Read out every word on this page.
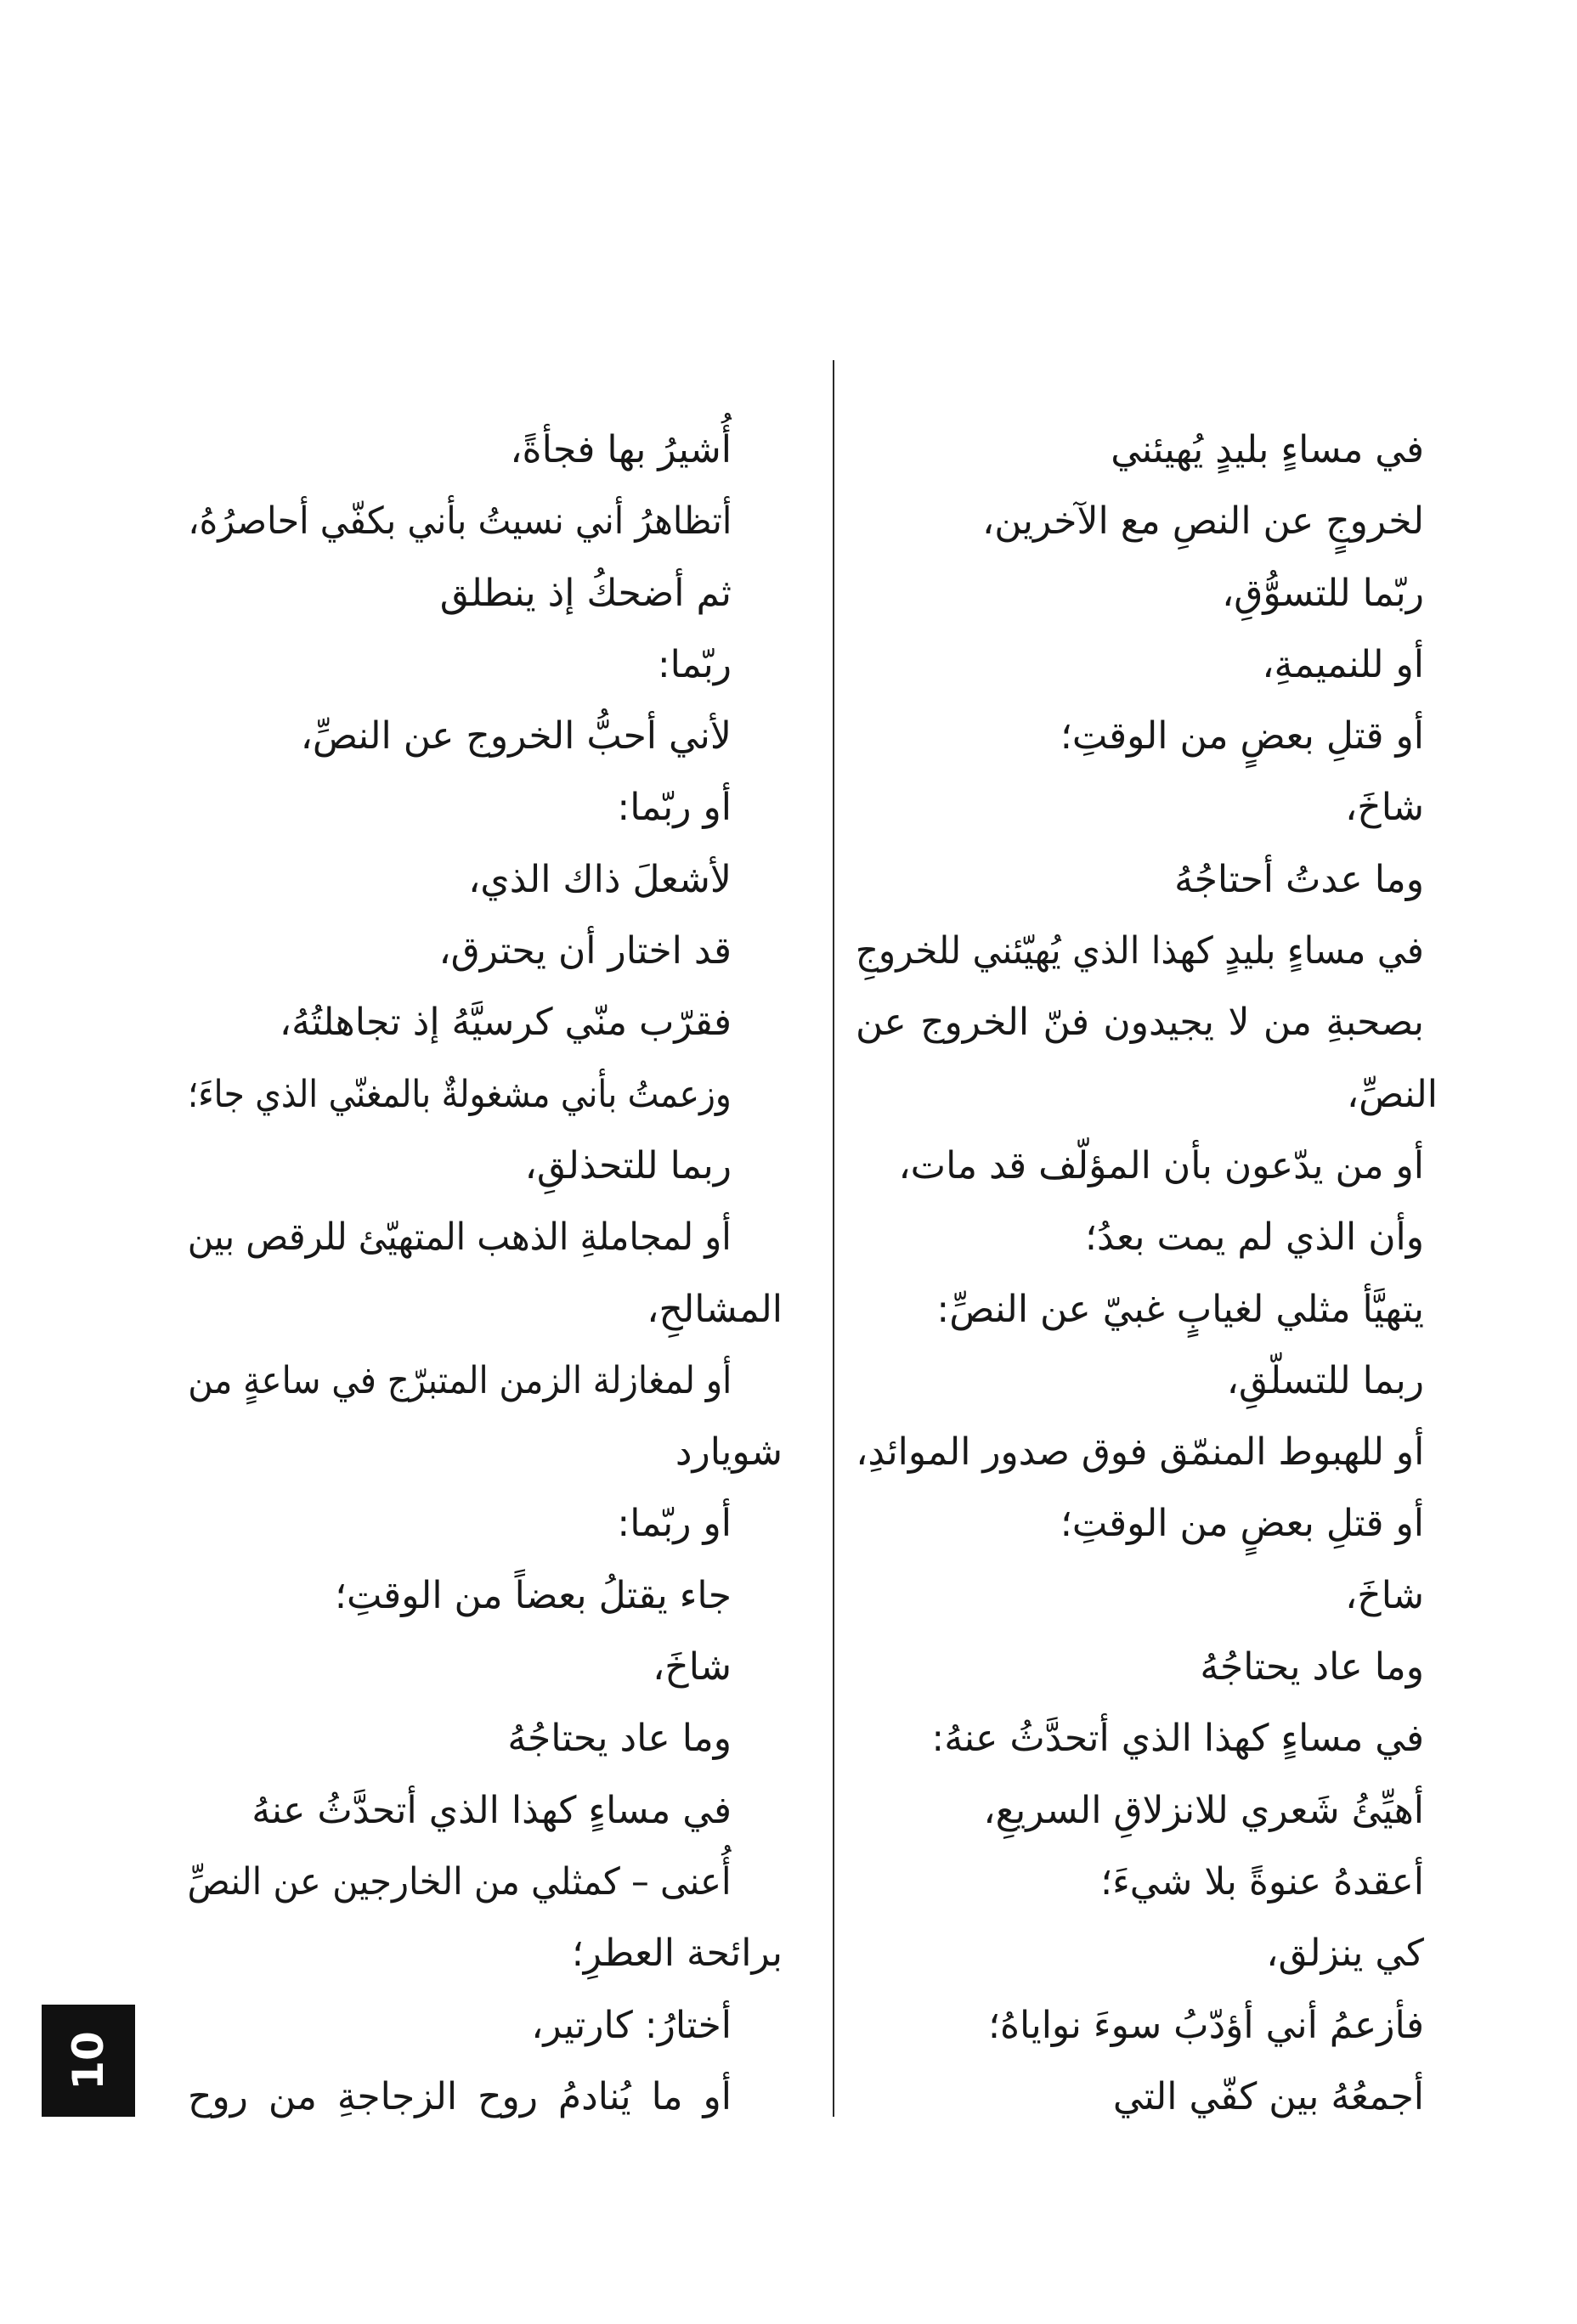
في مساءٍ بليدٍ يُهيئني
لخروجٍ عن النصِ مع الآخرين،
ربّما للتسوُّقِ،
أو للنميمةِ،
أو قتلِ بعضٍ من الوقتِ؛
شاخَ،
وما عدتُ أحتاجُهُ
في مساءٍ بليدٍ كهذا الذي يُهيّئني للخروجِ
بصحبةِ من لا يجيدون فنّ الخروج عن
النصِّ،
أو من يدّعون بأن المؤلّف قد مات،
وأن الذي لم يمت بعدُ؛
يتهيَّأ مثلي لغيابٍ غبيّ عن النصِّ:
ربما للتسلّقِ،
أو للهبوط المنمّق فوق صدور الموائدِ،
أو قتلِ بعضٍ من الوقتِ؛
شاخَ،
وما عاد يحتاجُهُ
في مساءٍ كهذا الذي أتحدَّثُ عنهُ:
أهيِّئُ شَعري للانزلاقِ السريعِ،
أعقدهُ عنوةً بلا شيءَ؛
كي ينزلق،
فأزعمُ أني أؤدّبُ سوءَ نواياهُ؛
أجمعُهُ بين كفّي التي
أُشيرُ بها فجأةً،
أتظاهرُ أني نسيتُ بأني بكفّي أحاصرُهُ،
ثم أضحكُ إذ ينطلق
ربّما:
لأني أحبُّ الخروج عن النصِّ،
أو ربّما:
لأشعلَ ذاك الذي،
قد اختار أن يحترق،
فقرّب منّي كرسيَّهُ إذ تجاهلتُهُ،
وزعمتُ بأني مشغولةٌ بالمغنّي الذي جاءَ؛
ربما للتحذلقِ،
أو لمجاملةِ الذهب المتهيّئ للرقص بين
المشالحِ،
أو لمغازلة الزمن المتبرّج في ساعةٍ من
شويارد
أو ربّما:
جاء يقتلُ بعضاً من الوقتِ؛
شاخَ،
وما عاد يحتاجُهُ
في مساءٍ كهذا الذي أتحدَّثُ عنهُ
أُعنى – كمثلي من الخارجين عن النصِّ
برائحة العطرِ؛
أختارُ: كارتير،
أو ما يُنادمُ روح الزجاجةِ من روح
10
